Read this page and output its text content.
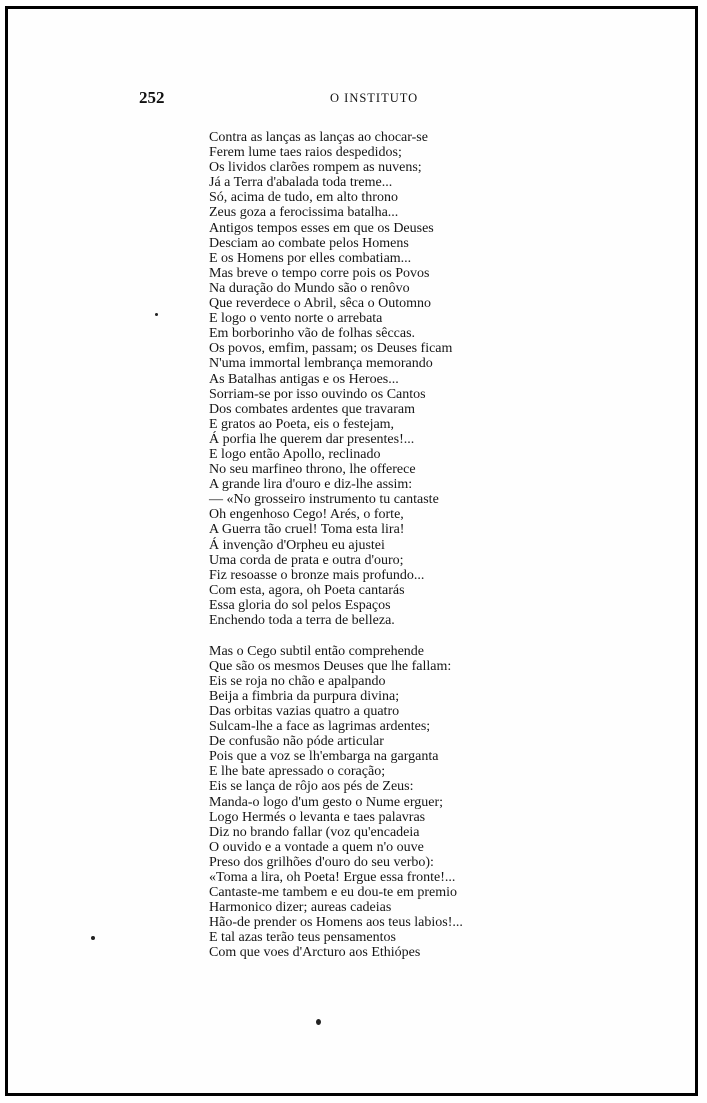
252	O INSTITUTO
Contra as lanças as lanças ao chocar-se
Ferem lume taes raios despedidos;
Os lividos clarões rompem as nuvens;
Já a Terra d'abalada toda treme...
Só, acima de tudo, em alto throno
Zeus goza a ferocissima batalha...
Antigos tempos esses em que os Deuses
Desciam ao combate pelos Homens
E os Homens por elles combatiam...
Mas breve o tempo corre pois os Povos
Na duração do Mundo são o renôvo
Que reverdece o Abril, sêca o Outomno
E logo o vento norte o arrebata
Em borborinho vão de folhas sêccas.
Os povos, emfim, passam; os Deuses ficam
N'uma immortal lembrança memorando
As Batalhas antigas e os Heroes...
Sorriam-se por isso ouvindo os Cantos
Dos combates ardentes que travaram
E gratos ao Poeta, eis o festejam,
Á porfia lhe querem dar presentes!...
E logo então Apollo, reclinado
No seu marfineo throno, lhe offerece
A grande lira d'ouro e diz-lhe assim:
— «No grosseiro instrumento tu cantaste
Oh engenhoso Cego! Arés, o forte,
A Guerra tão cruel! Toma esta lira!
Á invenção d'Orpheu eu ajustei
Uma corda de prata e outra d'ouro;
Fiz resoasse o bronze mais profundo...
Com esta, agora, oh Poeta cantarás
Essa gloria do sol pelos Espaços
Enchendo toda a terra de belleza.
Mas o Cego subtil então comprehende
Que são os mesmos Deuses que lhe fallam:
Eis se roja no chão e apalpando
Beija a fimbria da purpura divina;
Das orbitas vazias quatro a quatro
Sulcam-lhe a face as lagrimas ardentes;
De confusão não póde articular
Pois que a voz se lh'embarga na garganta
E lhe bate apressado o coração;
Eis se lança de rôjo aos pés de Zeus:
Manda-o logo d'um gesto o Nume erguer;
Logo Hermés o levanta e taes palavras
Diz no brando fallar (voz qu'encadeia
O ouvido e a vontade a quem n'o ouve
Preso dos grilhões d'ouro do seu verbo):
«Toma a lira, oh Poeta! Ergue essa fronte!...
Cantaste-me tambem e eu dou-te em premio
Harmonico dizer; aureas cadeias
Hão-de prender os Homens aos teus labios!...
E tal azas terão teus pensamentos
Com que voes d'Arcturo aos Ethiópes
